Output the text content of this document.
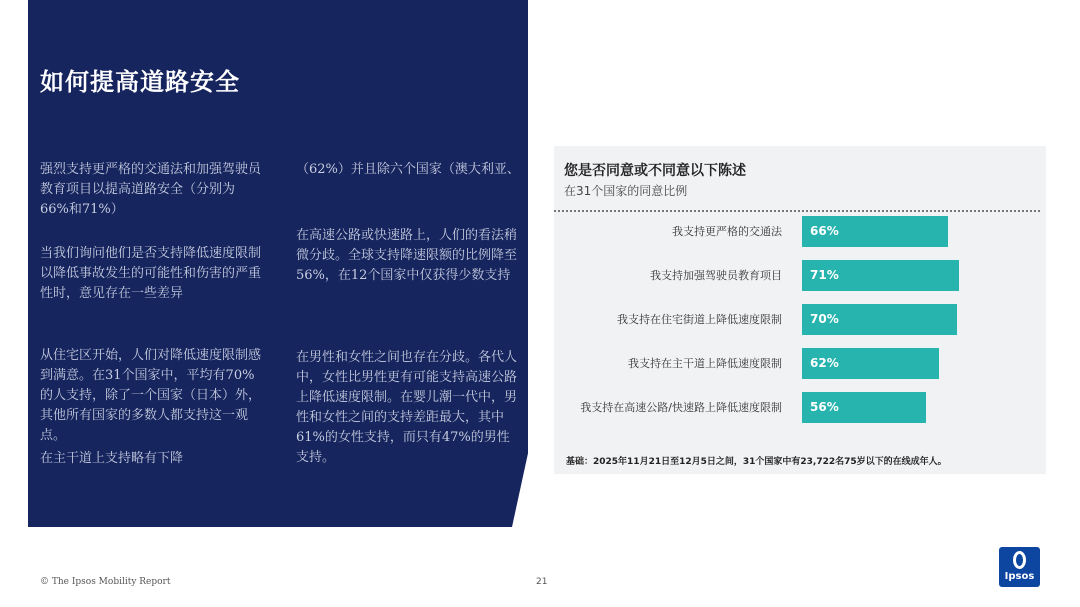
如何提高道路安全
强烈支持更严格的交通法和加强驾驶员教育项目以提高道路安全（分别为66%和71%）
当我们询问他们是否支持降低速度限制以降低事故发生的可能性和伤害的严重性时，意见存在一些差异
从住宅区开始，人们对降低速度限制感到满意。在31个国家中，平均有70%的人支持，除了一个国家（日本）外，其他所有国家的多数人都支持这一观点。
在主干道上支持略有下降
（62%）并且除六个国家（澳大利亚、
在高速公路或快速路上，人们的看法稍微分歧。全球支持降速限额的比例降至56%，在12个国家中仅获得少数支持
在男性和女性之间也存在分歧。各代人中，女性比男性更有可能支持高速公路上降低速度限制。在婴儿潮一代中，男性和女性之间的支持差距最大，其中61%的女性支持，而只有47%的男性支持。
您是否同意或不同意以下陈述
在31个国家的同意比例
我支持更严格的交通法 66%
我支持加强驾驶员教育项目 71%
我支持在住宅街道上降低速度限制 70%
我支持在主干道上降低速度限制 62%
我支持在高速公路/快速路上降低速度限制 56%
基础：2025年11月21日至12月5日之间，31个国家中有23,722名75岁以下的在线成年人。
© The Ipsos Mobility Report	21	Ipsos
